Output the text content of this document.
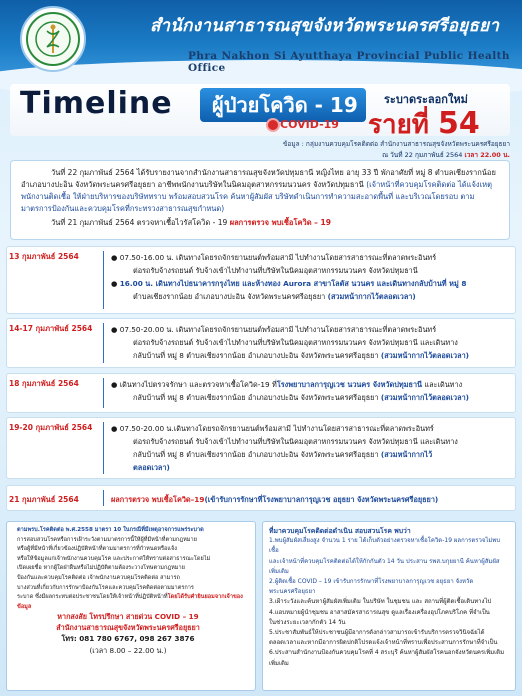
สำนักงานสาธารณสุขจังหวัดพระนครศรีอยุธยา
Phra Nakhon Si Ayutthaya Provincial Public Health Office
Timeline	ผู้ป่วยโควิด - 19
COVID-19
ระบาดระลอกใหม่
รายที่ 54
ข้อมูล : กลุ่มงานควบคุมโรคติดต่อ สำนักงานสาธารณสุขจังหวัดพระนครศรีอยุธยา
ณ วันที่ 22 กุมภาพันธ์ 2564 เวลา 22.00 น.
วันที่ 22 กุมภาพันธ์ 2564 ได้รับรายงานจากสำนักงานสาธารณสุขจังหวัดปทุมธานี หญิงไทย อายุ 33 ปี พักอาศัยที่ หมู่ 8 ตำบลเชียงรากน้อย อำเภอบางปะอิน จังหวัดพระนครศรีอยุธยา อาชีพพนักงานบริษัทในนิคมอุตสาหกรรมนวนคร จังหวัดปทุมธานี (เจ้าหน้าที่ควบคุมโรคติดต่อ ได้แจ้งเหตุพนักงานติดเชื้อ ให้ฝ่ายบริหารของบริษัททราบ พร้อมสอบสวนโรค ค้นหาผู้สัมผัส บริษัทดำเนินการทำความสะอาดพื้นที่ และบริเวณโดยรอบ ตามมาตรการป้องกันและควบคุมโรคที่กระทรวงสาธารณสุขกำหนด)
วันที่ 21 กุมภาพันธ์ 2564 ตรวจหาเชื้อไวรัสโควิด - 19 ผลการตรวจ พบเชื้อโควิด – 19
13 กุมภาพันธ์ 2564	● 07.50-16.00 น. เดินทางโดยรถจักรยานยนต์พร้อมสามี ไปทำงานโดยสารสาธารณะที่ตลาดพระอินทร์
ต่อรถรับจ้างรถยนต์ รับจ้างเข้าไปทำงานที่บริษัทในนิคมอุตสาหกรรมนวนคร จังหวัดปทุมธานี
● 16.00 น. เดินทางไปธนาคารกรุงไทย และห้างทอง Aurora สาขาโลตัส นวนคร และเดินทางกลับบ้านที่ หมู่ 8
ตำบลเชียงรากน้อย อำเภอบางปะอิน จังหวัดพระนครศรีอยุธยา (สวมหน้ากากไว้ตลอดเวลา)
14-17 กุมภาพันธ์ 2564	● 07.50-20.00 น. เดินทางโดยรถจักรยานยนต์พร้อมสามี ไปทำงานโดยสารสาธารณะที่ตลาดพระอินทร์
ต่อรถรับจ้างรถยนต์ รับจ้างเข้าไปทำงานที่บริษัทในนิคมอุตสาหกรรมนวนคร จังหวัดปทุมธานี และเดินทาง
กลับบ้านที่ หมู่ 8 ตำบลเชียงรากน้อย อำเภอบางปะอิน จังหวัดพระนครศรีอยุธยา (สวมหน้ากากไว้ตลอดเวลา)
18 กุมภาพันธ์ 2564	● เดินทางไปตรวจรักษา และตรวจหาเชื้อโควิด-19 ที่โรงพยาบาลการุญเวช นวนคร จังหวัดปทุมธานี และเดินทาง
กลับบ้านที่ หมู่ 8 ตำบลเชียงรากน้อย อำเภอบางปะอิน จังหวัดพระนครศรีอยุธยา (สวมหน้ากากไว้ตลอดเวลา)
19-20 กุมภาพันธ์ 2564	● 07.50-20.00 น.เดินทางโดยรถจักรยานยนต์พร้อมสามี ไปทำงานโดยสารสาธารณะที่ตลาดพระอินทร์
ต่อรถรับจ้างรถยนต์ รับจ้างเข้าไปทำงานที่บริษัทในนิคมอุตสาหกรรมนวนคร จังหวัดปทุมธานี และเดินทาง
กลับบ้านที่ หมู่ 8 ตำบลเชียงรากน้อย อำเภอบางปะอิน จังหวัดพระนครศรีอยุธยา (สวมหน้ากากไว้
ตลอดเวลา)
21 กุมภาพันธ์ 2564	ผลการตรวจ พบเชื้อโควิด–19(เข้ารับการรักษาที่โรงพยาบาลการุญเวช อยุธยา จังหวัดพระนครศรีอยุธยา)
ตามพรบ.โรคติดต่อ พ.ศ.2558 มาตรา 10 ในกรณีที่มีเหตุอาจการแพร่ระบาด
การสอบสวนโรคหรือการเฝ้าระวังตามมาตรการนี้ให้ผู้ที่มีหน้าที่ตามกฎหมาย
หรือผู้ที่มีหน้าที่เกี่ยวข้องปฏิบัติหน้าที่ตามมาตรการที่กำหนดหรือแจ้ง
หรือให้ข้อมูลแก่เจ้าพนักงานควบคุมโรค และประกาศให้ทราบต่อสาธารณะโดยไม่
เปิดเผยชื่อ หากผู้ใดฝ่าฝืนหรือไม่ปฏิบัติตามต้องระวางโทษตามกฎหมาย
ป้องกันและควบคุมโรคติดต่อ เจ้าพนักงานควบคุมโรคติดต่อ สามารถ
บางส่วนที่เกี่ยวกับการรักษาป้องกันโรคและควบคุมโรคติดต่อตามมาตรการ
ระบาด ซึ่งมีผลกระทบต่อประชาชนโดยให้เจ้าหน้าที่ปฏิบัติหน้าที่โดยได้รับคำยินยอมจากเจ้าของข้อมูล
หากสงสัย โทรปรึกษา สายด่วน COVID – 19
สำนักงานสาธารณสุขจังหวัดพระนครศรีอยุธยา
โทร: 081 780 6767, 098 267 3876
(เวลา 8.00 – 22.00 น.)
ที่มาควบคุมโรคติดต่อดำเนิน สอบสวนโรค พบว่า
1.พบผู้สัมผัสเสี่ยงสูง จำนวน 1 ราย ได้เก็บตัวอย่างตรวจหาเชื้อโควิด-19 ผลการตรวจไม่พบเชื้อ
และเจ้าหน้าที่ควบคุมโรคติดต่อได้ให้กักกันตัว 14 วัน ประสาน รพส.บกุยยานี ค้นหาผู้สัมผัส
เพิ่มเติม
2.ผู้ติดเชื้อ COVID – 19 เข้ารับการรักษาที่โรงพยาบาลการุญเวช อยุธยา จังหวัด
พระนครศรีอยุธยา
3.เฝ้าระวังและค้นหาผู้สัมผัสเพิ่มเติม ในบริษัท ในชุมชน และ สถานที่ผู้ติดเชื้อเดินทางไป
4.แอบหมายผู้นำชุมชน อาสาสมัครสาธารณสุข ดูแลเรื่องเครื่องอุปโภคบริโภค ที่จำเป็น
ในช่วงระยะเวลากักตัว 14 วัน
5.ประชาสัมพันธ์ให้ประชาชนผู้มีอาการดังกล่าวสามารถเข้ารับบริการตรวจวินิจฉัยได้
ตลอดเวลาและหากมีอาการผิดปกติโปรดแจ้งเจ้าหน้าที่ทราบเพื่อประสานการรักษาที่จำเป็น
6.ประสานสำนักงานป้องกันควบคุมโรคที่ 4 สระบุรี ค้นหาผู้สัมผัสโรคนอกจังหวัดนครเพิ่มเติม
เพิ่มเติม
